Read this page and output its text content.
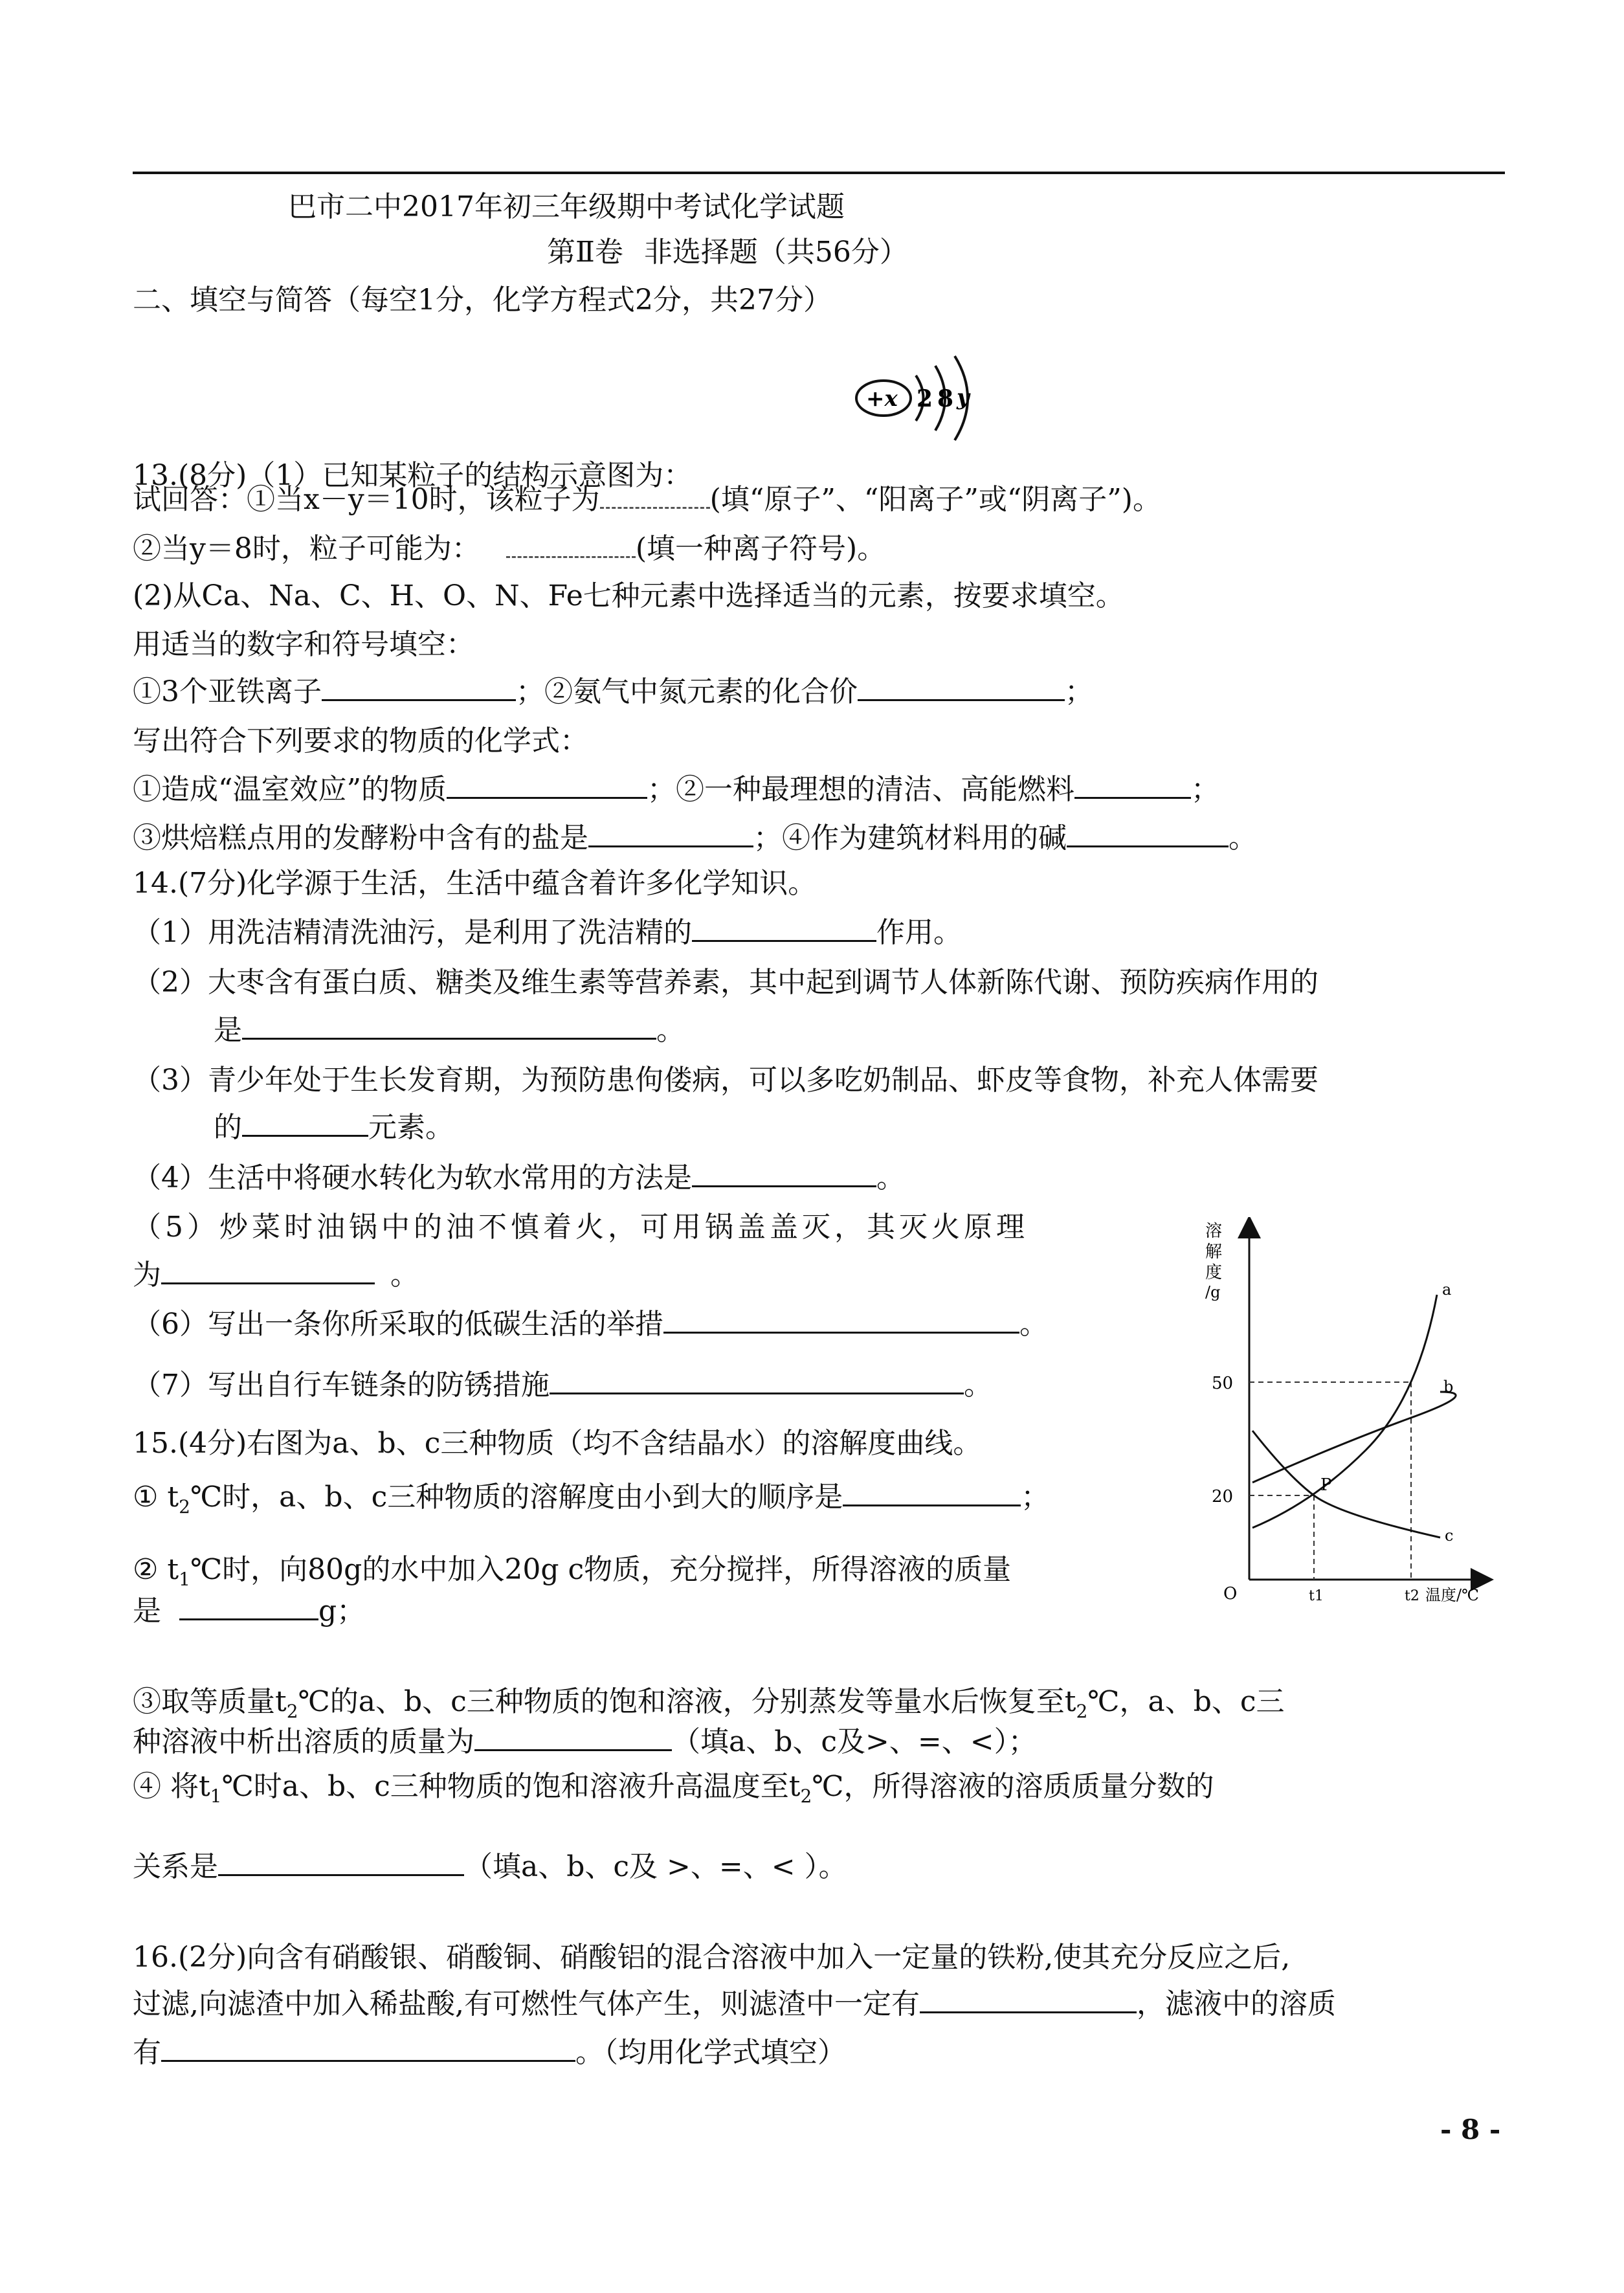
巴市二中2017年初三年级期中考试化学试题
第Ⅱ卷 非选择题（共56分）
二、填空与简答（每空1分，化学方程式2分，共27分）
13.(8分)（1）已知某粒子的结构示意图为：
+x 2 8 y
试回答：①当x－y＝10时，该粒子为	(填“原子”、“阳离子”或“阴离子”)。
②当y＝8时，粒子可能为：	(填一种离子符号)。
(2)从Ca、Na、C、H、O、N、Fe七种元素中选择适当的元素，按要求填空。
用适当的数字和符号填空：
①3个亚铁离子	；②氨气中氮元素的化合价	；
写出符合下列要求的物质的化学式：
①造成“温室效应”的物质	；②一种最理想的清洁、高能燃料	；
③烘焙糕点用的发酵粉中含有的盐是	；④作为建筑材料用的碱	。
14.(7分)化学源于生活，生活中蕴含着许多化学知识。
（1）用洗洁精清洗油污，是利用了洗洁精的	作用。
（2）大枣含有蛋白质、糖类及维生素等营养素，其中起到调节人体新陈代谢、预防疾病作用的
是	。
（3）青少年处于生长发育期，为预防患佝偻病，可以多吃奶制品、虾皮等食物，补充人体需要
的	元素。
（4）生活中将硬水转化为软水常用的方法是	。
（5）炒菜时油锅中的油不慎着火，可用锅盖盖灭，其灭火原理
为	。
（6）写出一条你所采取的低碳生活的举措	。
（7）写出自行车链条的防锈措施	。
溶
解
度
/g	a
b
c
P
50
20
O	t1	t2 温度/℃
15.(4分)右图为a、b、c三种物质（均不含结晶水）的溶解度曲线。
① $t_2℃$时，a、b、c三种物质的溶解度由小到大的顺序是	；
② $t_1℃$时，向80g的水中加入20g c物质，充分搅拌，所得溶液的质量
是	g；
③取等质量$t_2℃$的a、b、c三种物质的饱和溶液，分别蒸发等量水后恢复至$t_2℃$，a、b、c三
种溶液中析出溶质的质量为	（填a、b、c及>、=、<）；
④ 将$t_1℃$时a、b、c三种物质的饱和溶液升高温度至$t_2℃$，所得溶液的溶质质量分数的
关系是	（填a、b、c及 >、=、< ）。
16.(2分)向含有硝酸银、硝酸铜、硝酸铝的混合溶液中加入一定量的铁粉,使其充分反应之后,
过滤,向滤渣中加入稀盐酸,有可燃性气体产生，则滤渣中一定有	，滤液中的溶质
有	。（均用化学式填空）
- 8 -
